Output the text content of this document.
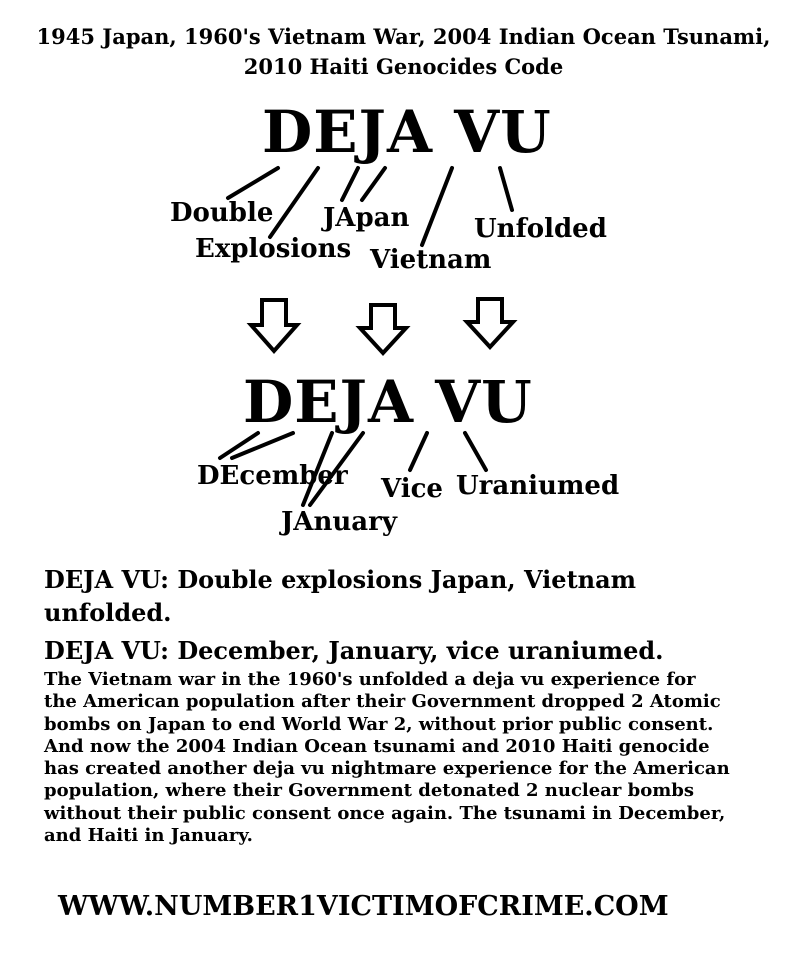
1945 Japan, 1960's Vietnam War, 2004 Indian Ocean Tsunami,
2010 Haiti Genocides Code
DEJA VU
Double
Explosions
JApan
Vietnam
Unfolded
DEJA VU
DEcember
JAnuary
Vice Uraniumed
DEJA VU: Double explosions Japan, Vietnam
unfolded.
DEJA VU: December, January, vice uraniumed.
The Vietnam war in the 1960's unfolded a deja vu experience for
the American population after their Government dropped 2 Atomic
bombs on Japan to end World War 2, without prior public consent.
And now the 2004 Indian Ocean tsunami and 2010 Haiti genocide
has created another deja vu nightmare experience for the American
population, where their Government detonated 2 nuclear bombs
without their public consent once again. The tsunami in December,
and Haiti in January.
WWW.NUMBER1VICTIMOFCRIME.COM
